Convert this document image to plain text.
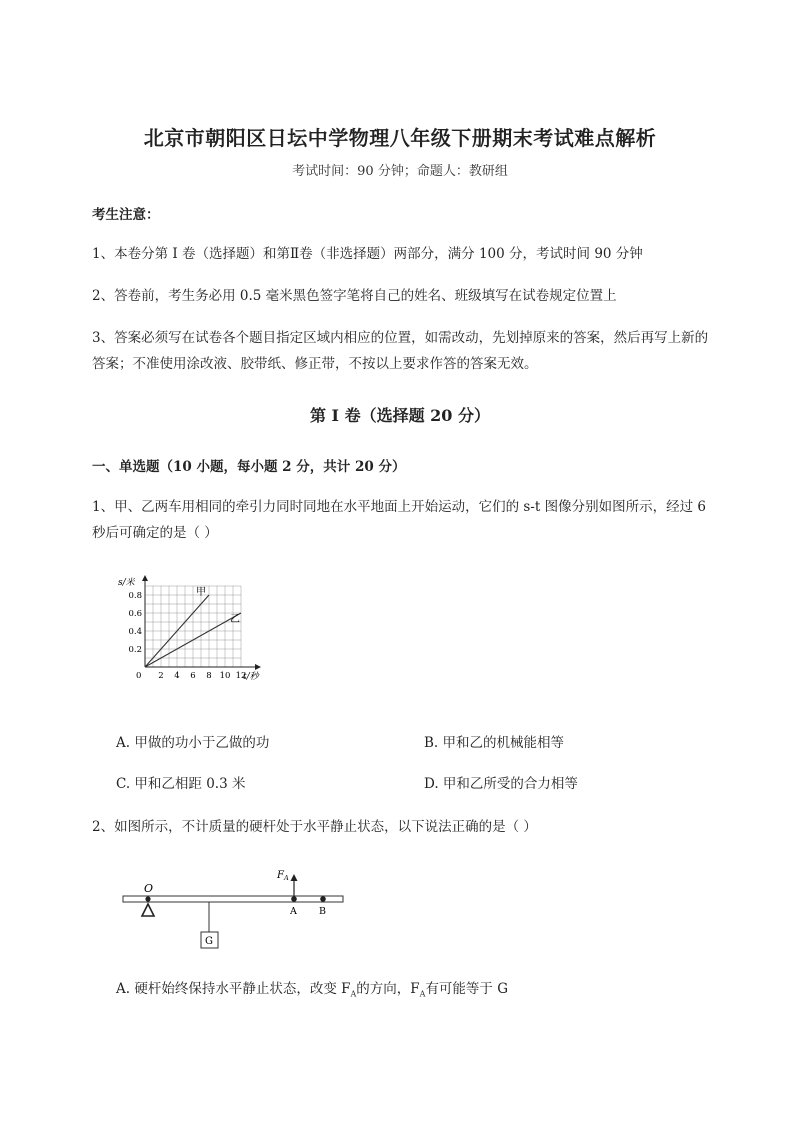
北京市朝阳区日坛中学物理八年级下册期末考试难点解析
考试时间：90 分钟；命题人：教研组
考生注意：
1、本卷分第 I 卷（选择题）和第Ⅱ卷（非选择题）两部分，满分 100 分，考试时间 90 分钟
2、答卷前，考生务必用 0.5 毫米黑色签字笔将自己的姓名、班级填写在试卷规定位置上
3、答案必须写在试卷各个题目指定区域内相应的位置，如需改动，先划掉原来的答案，然后再写上新的答案；不准使用涂改液、胶带纸、修正带，不按以上要求作答的答案无效。
第 I 卷（选择题 20 分）
一、单选题（10 小题，每小题 2 分，共计 20 分）
1、甲、乙两车用相同的牵引力同时同地在水平地面上开始运动，它们的 s-t 图像分别如图所示，经过 6 秒后可确定的是（ ）
甲
乙
2 4 6 8 10 12
0.2
0.4
0.6
0.8
0
s/米
t/秒
A. 甲做的功小于乙做的功	B. 甲和乙的机械能相等
C. 甲和乙相距 0.3 米	D. 甲和乙所受的合力相等
2、如图所示，不计质量的硬杆处于水平静止状态，以下说法正确的是（ ）
O
G
A B
$F_A$
A. 硬杆始终保持水平静止状态，改变 $F_A$的方向，$F_A$有可能等于 G
